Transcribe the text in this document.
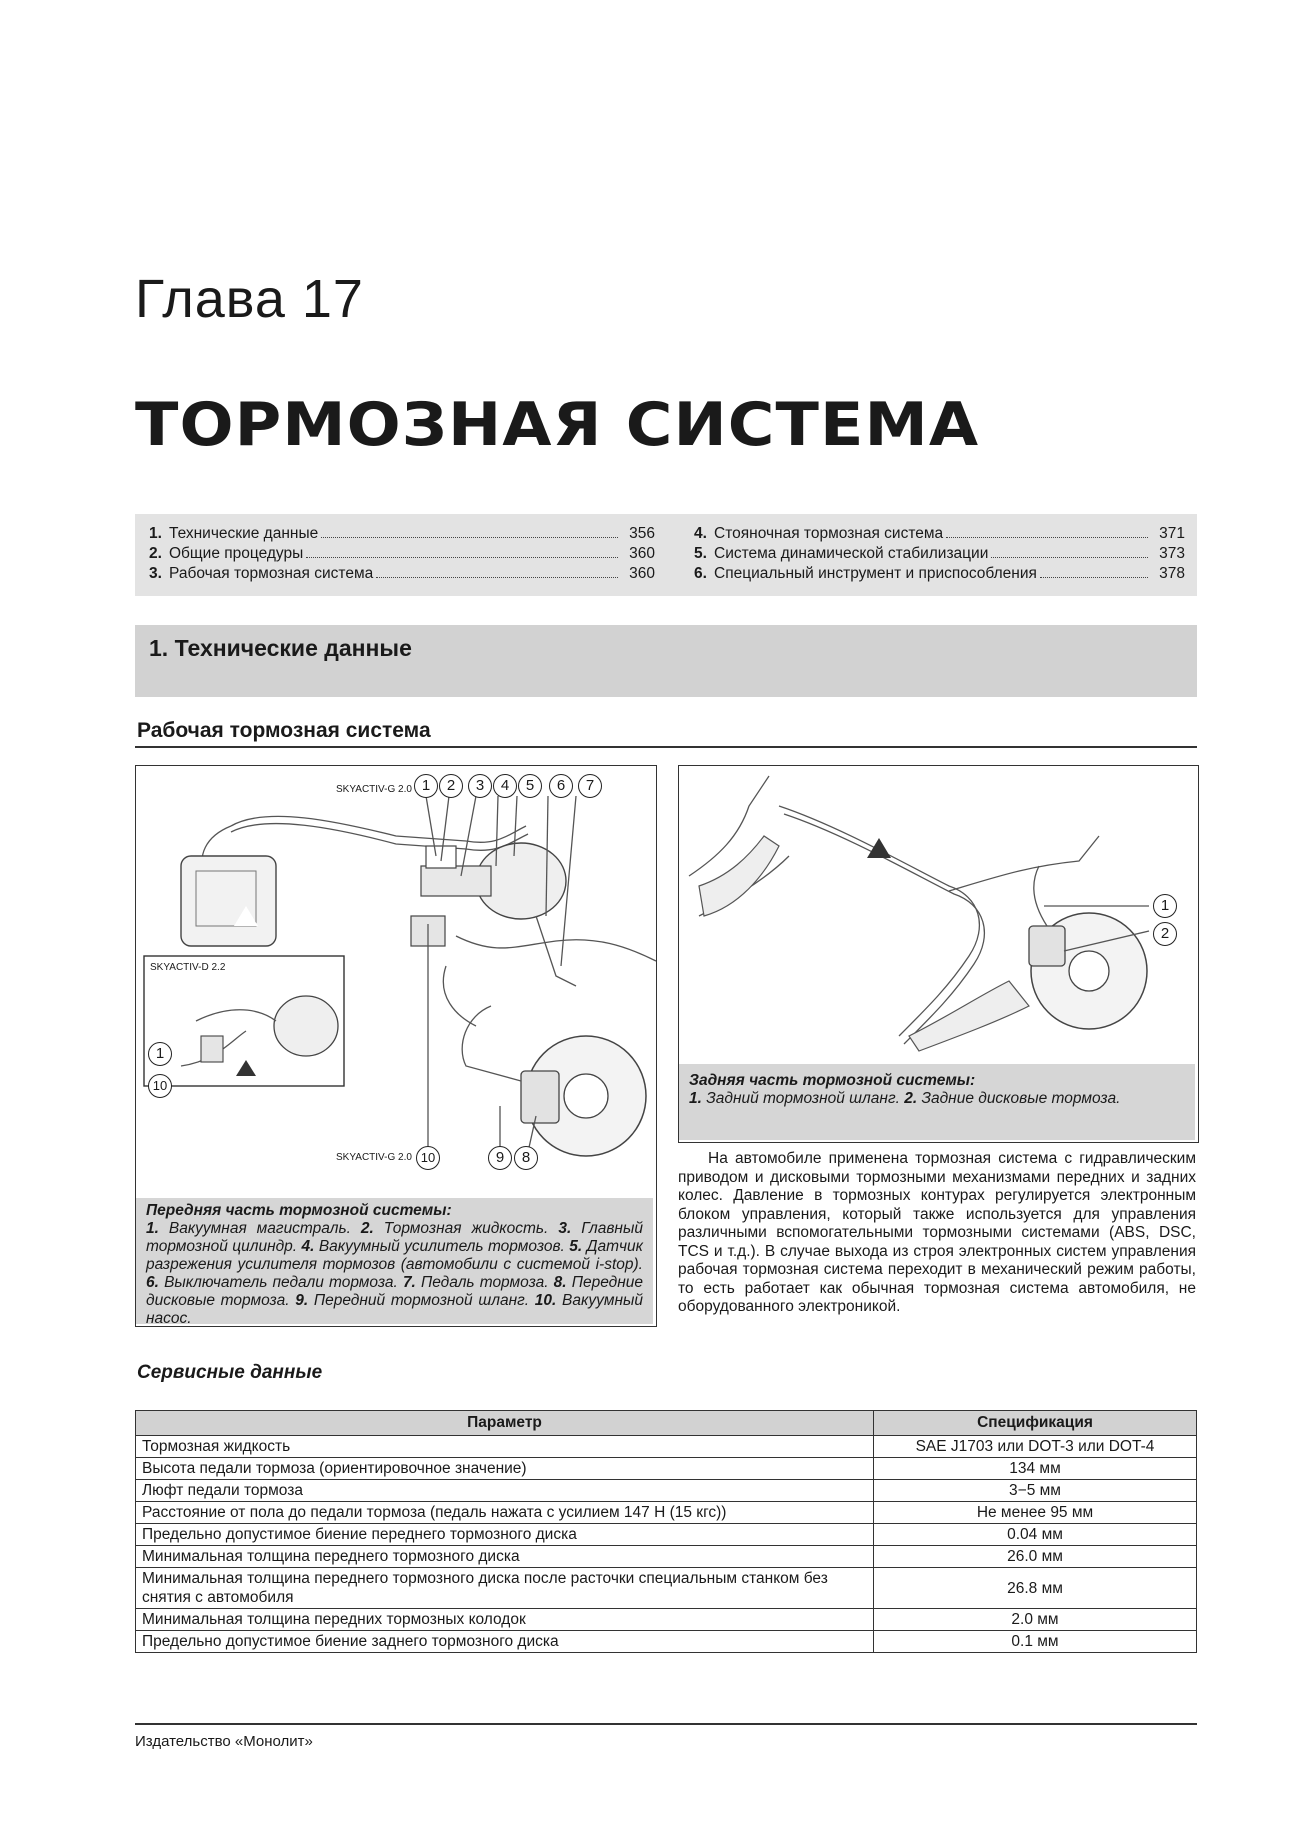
Глава 17
ТОРМОЗНАЯ СИСТЕМА
1. Технические данные	356
2. Общие процедуры	360
3. Рабочая тормозная система	360
4. Стояночная тормозная система	371
5. Система динамической стабилизации	373
6. Специальный инструмент и приспособления	378
1. Технические данные
Рабочая тормозная система
SKYACTIV-G 2.0
SKYACTIV-D 2.2
SKYACTIV-G 2.0
1	2	3	4	5	6	7
1
10
10	9	8
Передняя часть тормозной системы:
1. Вакуумная магистраль. 2. Тормозная жидкость. 3. Главный тормозной цилиндр. 4. Вакуумный усилитель тормозов. 5. Датчик разрежения усилителя тормозов (автомобили с системой i-stop). 6. Выключатель педали тормоза. 7. Педаль тормоза. 8. Передние дисковые тормоза. 9. Передний тормозной шланг. 10. Вакуумный насос.
1
2
Задняя часть тормозной системы:
1. Задний тормозной шланг. 2. Задние дисковые тормоза.
На автомобиле применена тормозная система с гидравлическим приводом и дисковыми тормозными механизмами передних и задних колес. Давление в тормозных контурах регулируется электронным блоком управления, который также используется для управления различными вспомогательными тормозными системами (ABS, DSC, TCS и т.д.). В случае выхода из строя электронных систем управления рабочая тормозная система переходит в механический режим работы, то есть работает как обычная тормозная система автомобиля, не оборудованного электроникой.
Сервисные данные
Параметр	Спецификация
Тормозная жидкость	SAE J1703 или DOT-3 или DOT-4
Высота педали тормоза (ориентировочное значение)	134 мм
Люфт педали тормоза	3−5 мм
Расстояние от пола до педали тормоза (педаль нажата с усилием 147 Н (15 кгс))	Не менее 95 мм
Предельно допустимое биение переднего тормозного диска	0.04 мм
Минимальная толщина переднего тормозного диска	26.0 мм
Минимальная толщина переднего тормозного диска после расточки специальным станком без снятия с автомобиля	26.8 мм
Минимальная толщина передних тормозных колодок	2.0 мм
Предельно допустимое биение заднего тормозного диска	0.1 мм
Издательство «Монолит»
